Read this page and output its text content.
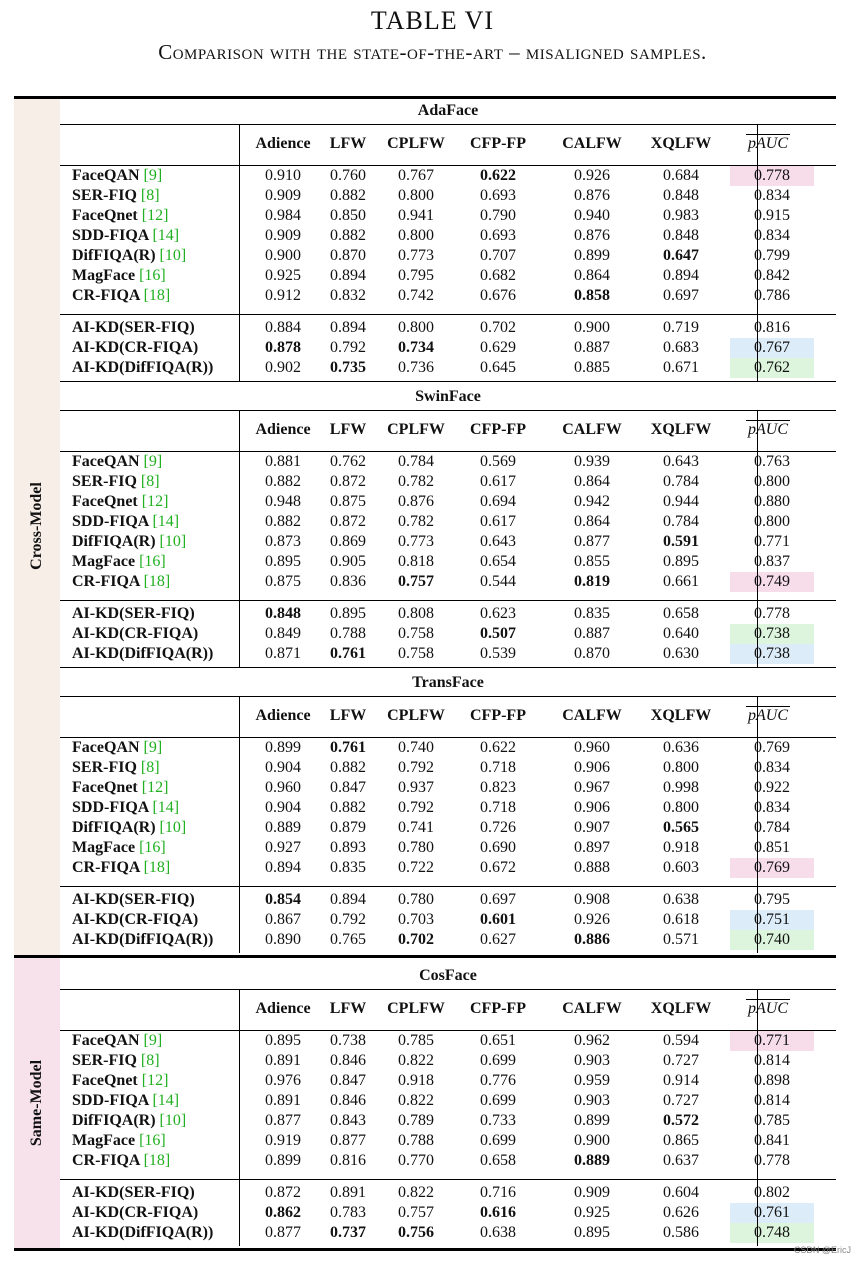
TABLE VI
Comparison with the state-of-the-art – misaligned samples.
Cross-Model
Same-Model
AdaFace
Adience	LFW	CPLFW	CFP-FP	CALFW	XQLFW	pAUC
FaceQAN [9]	0.910	0.760	0.767	0.622	0.926	0.684	0.778
SER-FIQ [8]	0.909	0.882	0.800	0.693	0.876	0.848	0.834
FaceQnet [12]	0.984	0.850	0.941	0.790	0.940	0.983	0.915
SDD-FIQA [14]	0.909	0.882	0.800	0.693	0.876	0.848	0.834
DifFIQA(R) [10]	0.900	0.870	0.773	0.707	0.899	0.647	0.799
MagFace [16]	0.925	0.894	0.795	0.682	0.864	0.894	0.842
CR-FIQA [18]	0.912	0.832	0.742	0.676	0.858	0.697	0.786
AI-KD(SER-FIQ)	0.884	0.894	0.800	0.702	0.900	0.719	0.816
AI-KD(CR-FIQA)	0.878	0.792	0.734	0.629	0.887	0.683	0.767
AI-KD(DifFIQA(R))	0.902	0.735	0.736	0.645	0.885	0.671	0.762
SwinFace
Adience	LFW	CPLFW	CFP-FP	CALFW	XQLFW	pAUC
FaceQAN [9]	0.881	0.762	0.784	0.569	0.939	0.643	0.763
SER-FIQ [8]	0.882	0.872	0.782	0.617	0.864	0.784	0.800
FaceQnet [12]	0.948	0.875	0.876	0.694	0.942	0.944	0.880
SDD-FIQA [14]	0.882	0.872	0.782	0.617	0.864	0.784	0.800
DifFIQA(R) [10]	0.873	0.869	0.773	0.643	0.877	0.591	0.771
MagFace [16]	0.895	0.905	0.818	0.654	0.855	0.895	0.837
CR-FIQA [18]	0.875	0.836	0.757	0.544	0.819	0.661	0.749
AI-KD(SER-FIQ)	0.848	0.895	0.808	0.623	0.835	0.658	0.778
AI-KD(CR-FIQA)	0.849	0.788	0.758	0.507	0.887	0.640	0.738
AI-KD(DifFIQA(R))	0.871	0.761	0.758	0.539	0.870	0.630	0.738
TransFace
Adience	LFW	CPLFW	CFP-FP	CALFW	XQLFW	pAUC
FaceQAN [9]	0.899	0.761	0.740	0.622	0.960	0.636	0.769
SER-FIQ [8]	0.904	0.882	0.792	0.718	0.906	0.800	0.834
FaceQnet [12]	0.960	0.847	0.937	0.823	0.967	0.998	0.922
SDD-FIQA [14]	0.904	0.882	0.792	0.718	0.906	0.800	0.834
DifFIQA(R) [10]	0.889	0.879	0.741	0.726	0.907	0.565	0.784
MagFace [16]	0.927	0.893	0.780	0.690	0.897	0.918	0.851
CR-FIQA [18]	0.894	0.835	0.722	0.672	0.888	0.603	0.769
AI-KD(SER-FIQ)	0.854	0.894	0.780	0.697	0.908	0.638	0.795
AI-KD(CR-FIQA)	0.867	0.792	0.703	0.601	0.926	0.618	0.751
AI-KD(DifFIQA(R))	0.890	0.765	0.702	0.627	0.886	0.571	0.740
CosFace
Adience	LFW	CPLFW	CFP-FP	CALFW	XQLFW	pAUC
FaceQAN [9]	0.895	0.738	0.785	0.651	0.962	0.594	0.771
SER-FIQ [8]	0.891	0.846	0.822	0.699	0.903	0.727	0.814
FaceQnet [12]	0.976	0.847	0.918	0.776	0.959	0.914	0.898
SDD-FIQA [14]	0.891	0.846	0.822	0.699	0.903	0.727	0.814
DifFIQA(R) [10]	0.877	0.843	0.789	0.733	0.899	0.572	0.785
MagFace [16]	0.919	0.877	0.788	0.699	0.900	0.865	0.841
CR-FIQA [18]	0.899	0.816	0.770	0.658	0.889	0.637	0.778
AI-KD(SER-FIQ)	0.872	0.891	0.822	0.716	0.909	0.604	0.802
AI-KD(CR-FIQA)	0.862	0.783	0.757	0.616	0.925	0.626	0.761
AI-KD(DifFIQA(R))	0.877	0.737	0.756	0.638	0.895	0.586	0.748
CSDN @EricJ
